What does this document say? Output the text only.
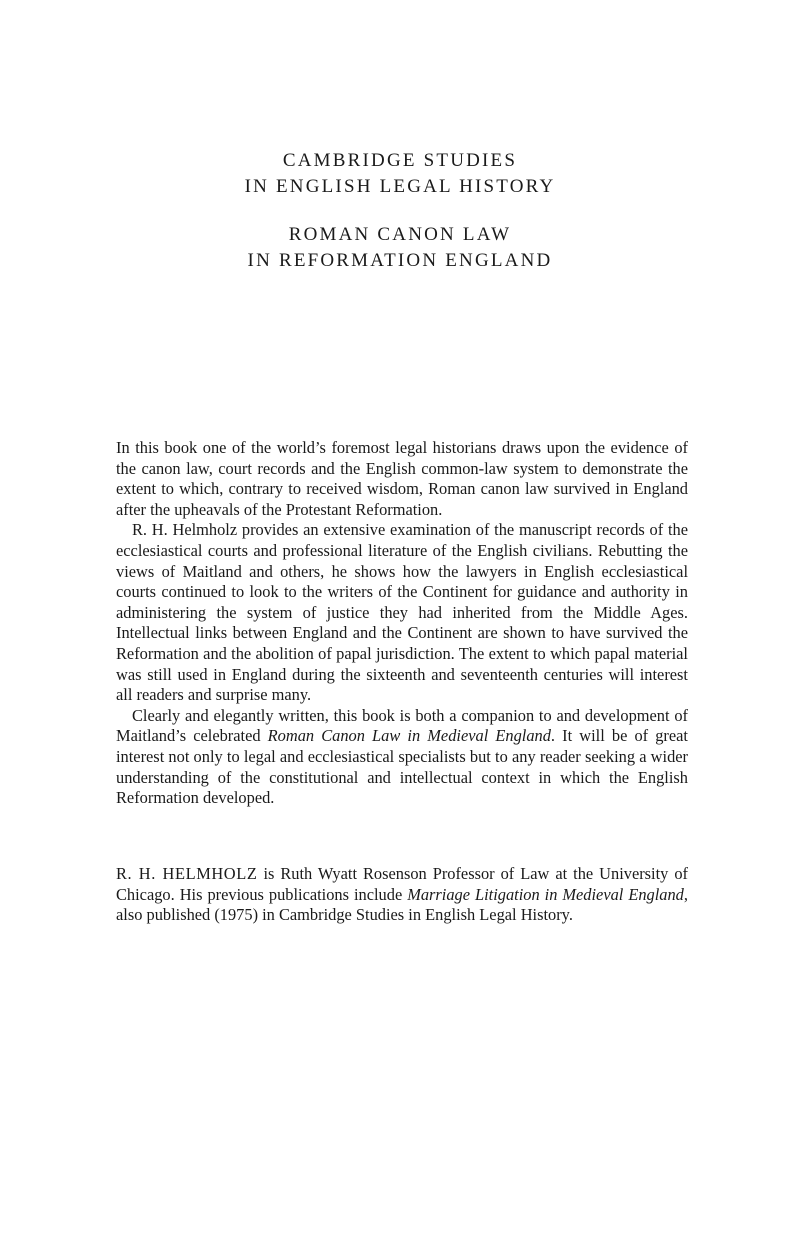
CAMBRIDGE STUDIES
IN ENGLISH LEGAL HISTORY
ROMAN CANON LAW
IN REFORMATION ENGLAND

In this book one of the world’s foremost legal historians draws upon the evidence of the canon law, court records and the English common-law system to demonstrate the extent to which, contrary to received wisdom, Roman canon law survived in England after the upheavals of the Protestant Reformation.

R. H. Helmholz provides an extensive examination of the manuscript records of the ecclesiastical courts and professional literature of the English civilians. Rebutting the views of Maitland and others, he shows how the lawyers in English ecclesiastical courts continued to look to the writers of the Continent for guidance and authority in administering the system of justice they had inherited from the Middle Ages. Intellectual links between England and the Continent are shown to have survived the Reformation and the abolition of papal jurisdiction. The extent to which papal material was still used in England during the sixteenth and seventeenth centuries will interest all readers and surprise many.

Clearly and elegantly written, this book is both a companion to and development of Maitland’s celebrated Roman Canon Law in Medieval England. It will be of great interest not only to legal and ecclesiastical specialists but to any reader seeking a wider understanding of the constitutional and intellectual context in which the English Reformation developed.

R. H. HELMHOLZ is Ruth Wyatt Rosenson Professor of Law at the University of Chicago. His previous publications include Marriage Litigation in Medieval England, also published (1975) in Cambridge Studies in English Legal History.
